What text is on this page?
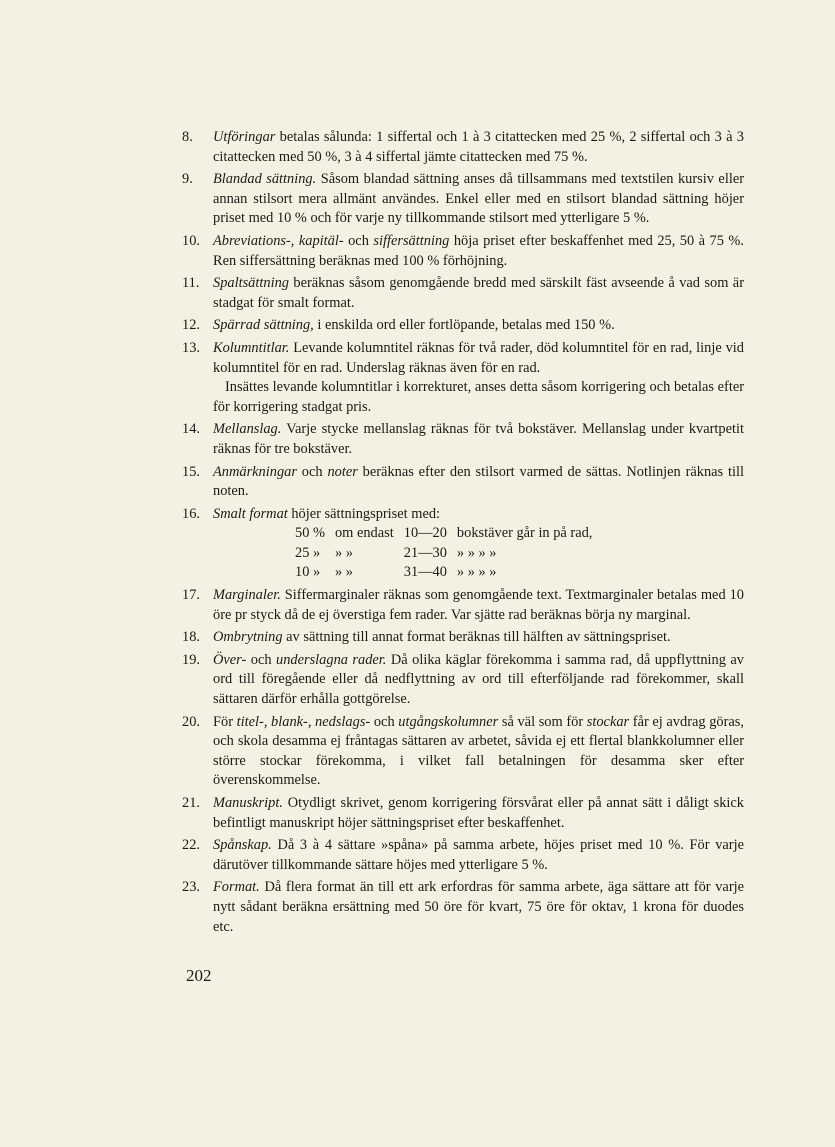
8.	Utföringar betalas sålunda: 1 siffertal och 1 à 3 citattecken med 25 %, 2 siffertal och 3 à 3 citattecken med 50 %, 3 à 4 siffertal jämte citattecken med 75 %.

9.	Blandad sättning. Såsom blandad sättning anses då tillsammans med textstilen kursiv eller annan stilsort mera allmänt användes. Enkel eller med en stilsort blandad sättning höjer priset med 10 % och för varje ny tillkommande stilsort med ytterligare 5 %.

10. Abreviations-, kapitäl- och siffersättning höja priset efter beskaffenhet med 25, 50 à 75 %. Ren siffersättning beräknas med 100 % förhöjning.

11. Spaltsättning beräknas såsom genomgående bredd med särskilt fäst avseende å vad som är stadgat för smalt format.

12. Spärrad sättning, i enskilda ord eller fortlöpande, betalas med 150 %.

13. Kolumntitlar. Levande kolumntitel räknas för två rader, död kolumntitel för en rad, linje vid kolumntitel för en rad. Underslag räknas även för en rad.

Insättes levande kolumntitlar i korrekturet, anses detta såsom korrigering och betalas efter för korrigering stadgat pris.

14. Mellanslag. Varje stycke mellanslag räknas för två bokstäver. Mellanslag under kvartpetit räknas för tre bokstäver.

15. Anmärkningar och noter beräknas efter den stilsort varmed de sättas. Notlinjen räknas till noten.

16. Smalt format höjer sättningspriset med:

50 %	om endast	10—20	bokstäver går in på rad,
25 »	» »	21—30	» » » »
10 »	» »	31—40	» » » »
17. Marginaler. Siffermarginaler räknas som genomgående text. Textmarginaler betalas med 10 öre pr styck då de ej överstiga fem rader. Var sjätte rad beräknas börja ny marginal.

18. Ombrytning av sättning till annat format beräknas till hälften av sättningspriset.

19. Över- och underslagna rader. Då olika käglar förekomma i samma rad, då uppflyttning av ord till föregående eller då nedflyttning av ord till efterföljande rad förekommer, skall sättaren därför erhålla gottgörelse.

20. För titel-, blank-, nedslags- och utgångskolumner så väl som för stockar får ej avdrag göras, och skola desamma ej fråntagas sättaren av arbetet, såvida ej ett flertal blankkolumner eller större stockar förekomma, i vilket fall betalningen för desamma sker efter överenskommelse.

21. Manuskript. Otydligt skrivet, genom korrigering försvårat eller på annat sätt i dåligt skick befintligt manuskript höjer sättningspriset efter beskaffenhet.

22. Spånskap. Då 3 à 4 sättare »spåna» på samma arbete, höjes priset med 10 %. För varje därutöver tillkommande sättare höjes med ytterligare 5 %.

23. Format. Då flera format än till ett ark erfordras för samma arbete, äga sättare att för varje nytt sådant beräkna ersättning med 50 öre för kvart, 75 öre för oktav, 1 krona för duodes etc.

202
